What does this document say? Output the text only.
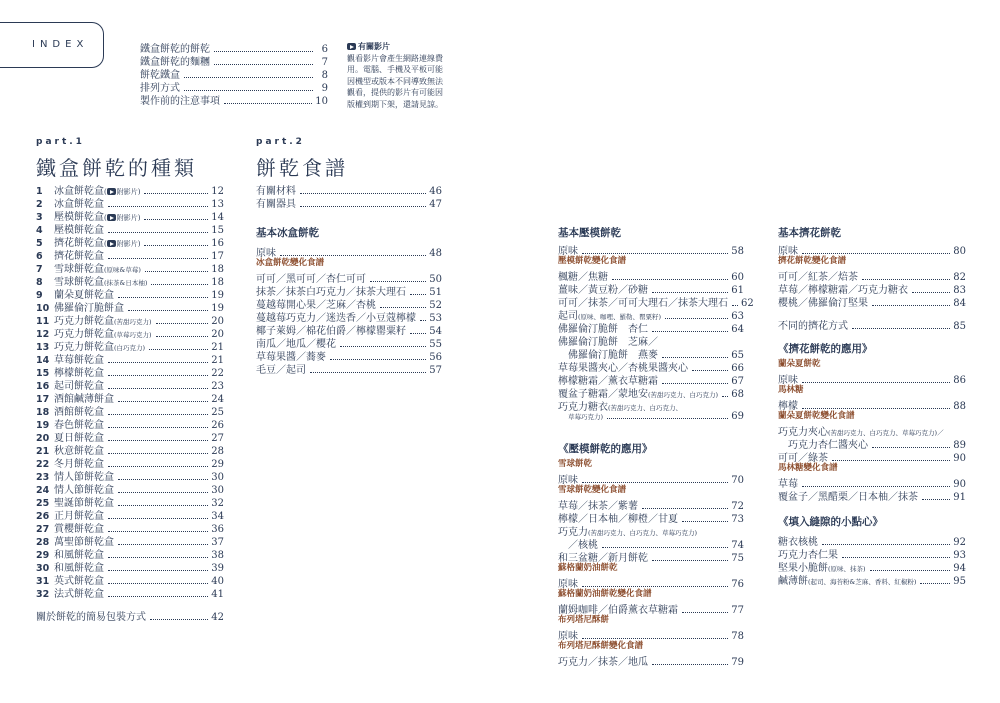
INDEX	鐵盒餅乾的餅乾	6
鐵盒餅乾的麵糰	7
餅乾鐵盒	8
排列方式	9
製作前的注意事項	10
有關影片
觀看影片會產生網路連線費用。電腦、手機及平板可能因機型或版本不同導致無法觀看，提供的影片有可能因版權到期下架，還請見諒。
part.1
鐵盒餅乾的種類
1	冰盒餅乾盒 ( 附影片)	12
2	冰盒餅乾盒	13
3	壓模餅乾盒 ( 附影片)	14
4	壓模餅乾盒	15
5	擠花餅乾盒 ( 附影片)	16
6	擠花餅乾盒	17
7	雪球餅乾盒 (原味&草莓)	18
8	雪球餅乾盒 (抹茶&日本柚)	18
9	蘭朵夏餅乾盒	19
10 佛羅倫汀脆餅盒	19
11 巧克力餅乾盒 (苦甜巧克力)	20
12 巧克力餅乾盒 (草莓巧克力)	20
13 巧克力餅乾盒 (白巧克力)	21
14 草莓餅乾盒	21
15 檸檬餅乾盒	22
16 起司餅乾盒	23
17 酒館鹹薄餅盒	24
18 酒館餅乾盒	25
19 春色餅乾盒	26
20 夏日餅乾盒	27
21 秋意餅乾盒	28
22 冬月餅乾盒	29
23 情人節餅乾盒	30
24 情人節餅乾盒	30
25 聖誕節餅乾盒	32
26 正月餅乾盒	34
27 賞櫻餅乾盒	36
28 萬聖節餅乾盒	37
29 和風餅乾盒	38
30 和風餅乾盒	39
31 英式餅乾盒	40
32 法式餅乾盒	41
關於餅乾的簡易包裝方式	42
part.2
餅乾食譜
有關材料	46
有關器具	47
基本冰盒餅乾
原味	48
冰盒餅乾變化食譜
可可／黑可可／杏仁可可	50
抹茶／抹茶白巧克力／抹茶大理石 51
蔓越莓開心果／芝麻／杏桃	52
蔓越莓巧克力／迷迭香／小豆蔻檸檬 53
椰子萊姆／棉花伯爵／檸檬罌粟籽 54
南瓜／地瓜／櫻花	55
草莓果醬／蕎麥	56
毛豆／起司	57
基本壓模餅乾
原味	58
壓模餅乾變化食譜
楓糖／焦糖	60
薑味／黃豆粉／砂糖	61
可可／抹茶／可可大理石／抹茶大理石 62
起司 (原味、咖哩、羅勒、罌粟籽)	63
佛羅倫汀脆餅　杏仁	64
佛羅倫汀脆餅　芝麻／
佛羅倫汀脆餅　燕麥	65
草莓果醬夾心／杏桃果醬夾心	66
檸檬糖霜／薰衣草糖霜	67
覆盆子糖霜／蒙地安 (苦甜巧克力、白巧克力) 68
巧克力糖衣 (苦甜巧克力、白巧克力、
草莓巧克力)	69
《壓模餅乾的應用》
雪球餅乾
原味	70
雪球餅乾變化食譜
草莓／抹茶／紫薯	72
檸檬／日本柚／柳橙／甘夏	73
巧克力 (苦甜巧克力、白巧克力、草莓巧克力)
／核桃	74
和三盆糖／新月餅乾	75
蘇格蘭奶油餅乾
原味	76
蘇格蘭奶油餅乾變化食譜
蘭姆咖啡／伯爵薰衣草糖霜	77
布列塔尼酥餅
原味	78
布列塔尼酥餅變化食譜
巧克力／抹茶／地瓜	79
基本擠花餅乾
原味	80
擠花餅乾變化食譜
可可／紅茶／焙茶	82
草莓／檸檬糖霜／巧克力糖衣	83
櫻桃／佛羅倫汀堅果	84
不同的擠花方式	85
《擠花餅乾的應用》
蘭朵夏餅乾
原味	86
馬林糖
檸檬	88
蘭朵夏餅乾變化食譜
巧克力夾心 (苦甜巧克力、白巧克力、草莓巧克力)／
巧克力杏仁醬夾心	89
可可／綠茶	90
馬林糖變化食譜
草莓	90
覆盆子／黑醋栗／日本柚／抹茶	91
《填入縫隙的小點心》
糖衣核桃	92
巧克力杏仁果	93
堅果小脆餅 (原味、抹茶)	94
鹹薄餅 (起司、海苔粉&芝麻、香料、紅椒粉)	95
